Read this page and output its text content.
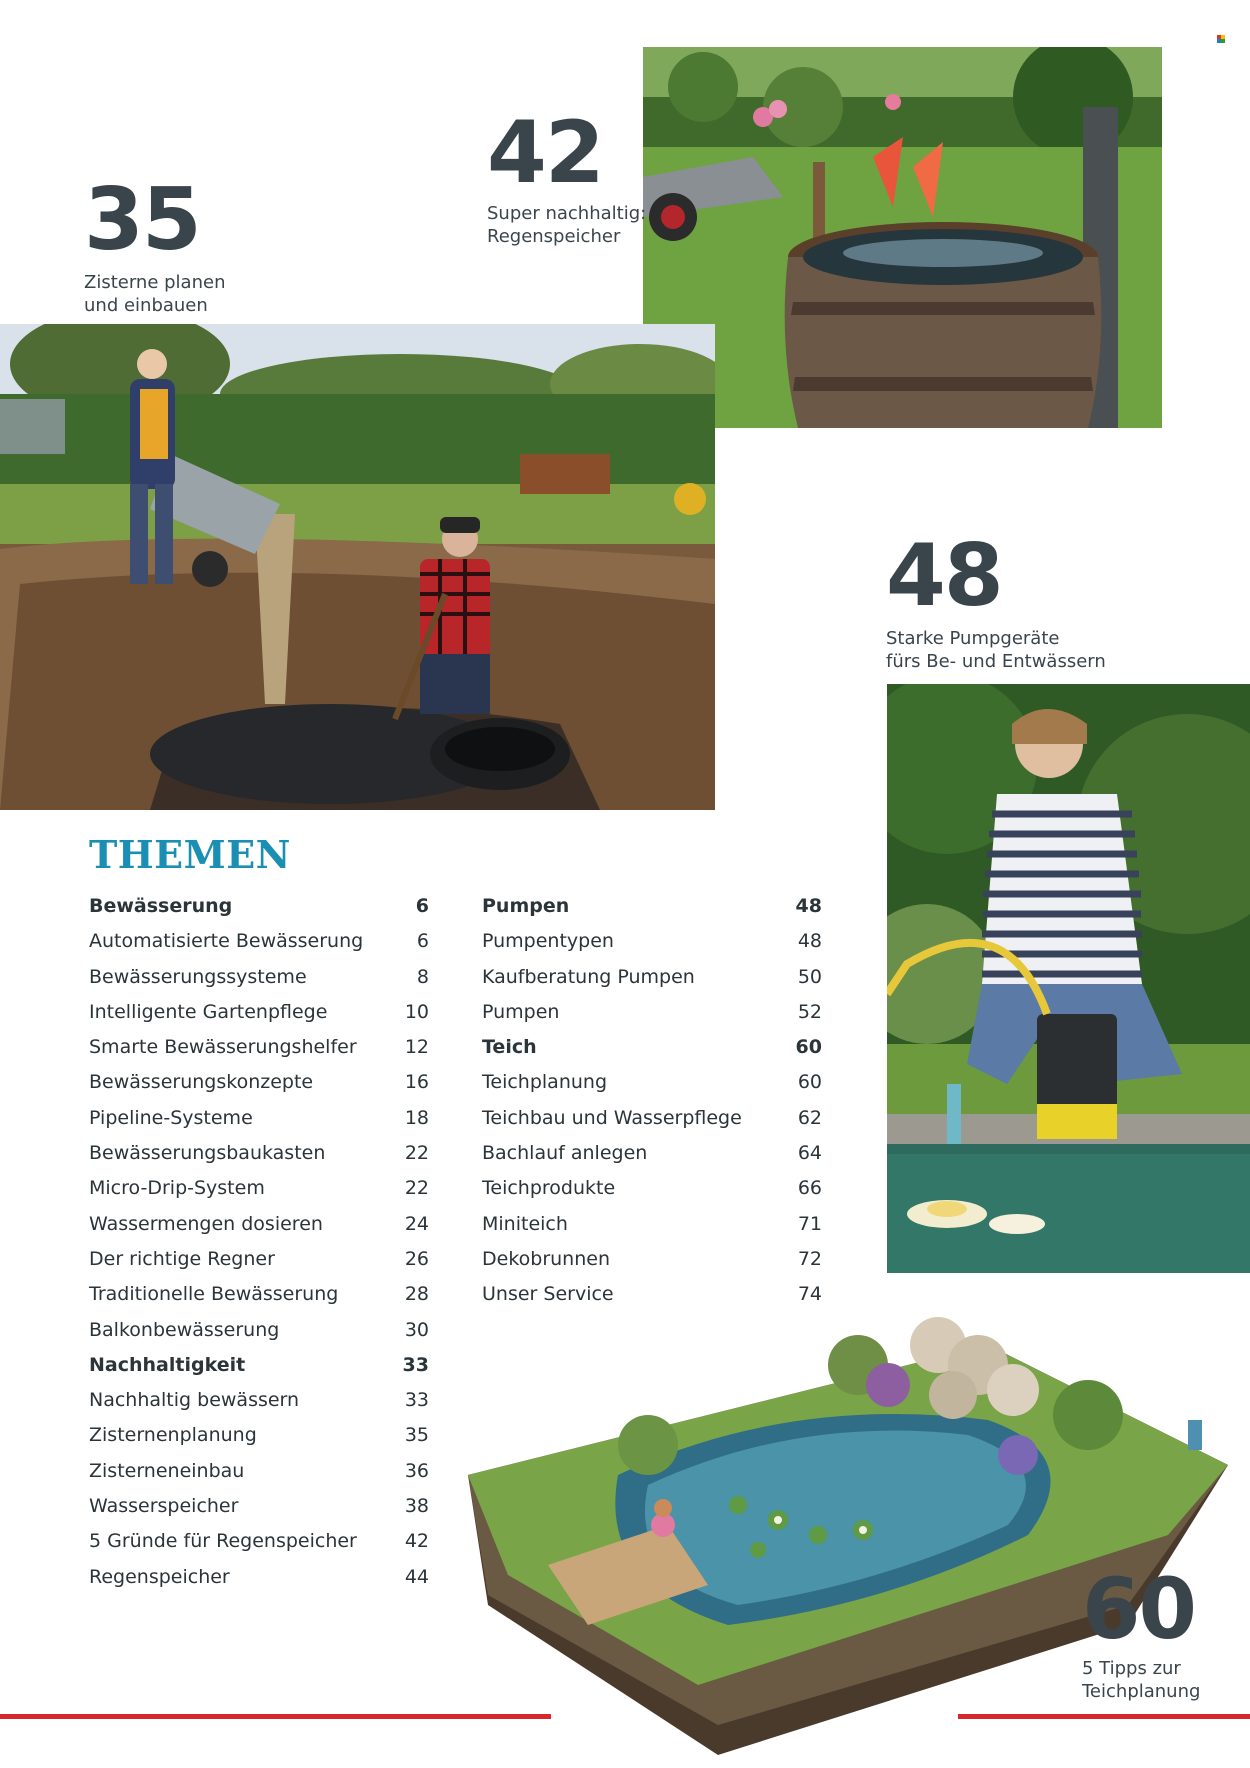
35
Zisterne planen
und einbauen
42
Super nachhaltig:
Regenspeicher
48
Starke Pumpgeräte
fürs Be- und Entwässern
60
5 Tipps zur
Teichplanung
THEMEN
Bewässerung	6
Automatisierte Bewässerung	6
Bewässerungssysteme	8
Intelligente Gartenpflege	10
Smarte Bewässerungshelfer	12
Bewässerungskonzepte	16
Pipeline-Systeme	18
Bewässerungsbaukasten	22
Micro-Drip-System	22
Wassermengen dosieren	24
Der richtige Regner	26
Traditionelle Bewässerung	28
Balkonbewässerung	30
Nachhaltigkeit	33
Nachhaltig bewässern	33
Zisternenplanung	35
Zisterneneinbau	36
Wasserspeicher	38
5 Gründe für Regenspeicher	42
Regenspeicher	44
Pumpen	48
Pumpentypen	48
Kaufberatung Pumpen	50
Pumpen	52
Teich	60
Teichplanung	60
Teichbau und Wasserpflege	62
Bachlauf anlegen	64
Teichprodukte	66
Miniteich	71
Dekobrunnen	72
Unser Service	74
